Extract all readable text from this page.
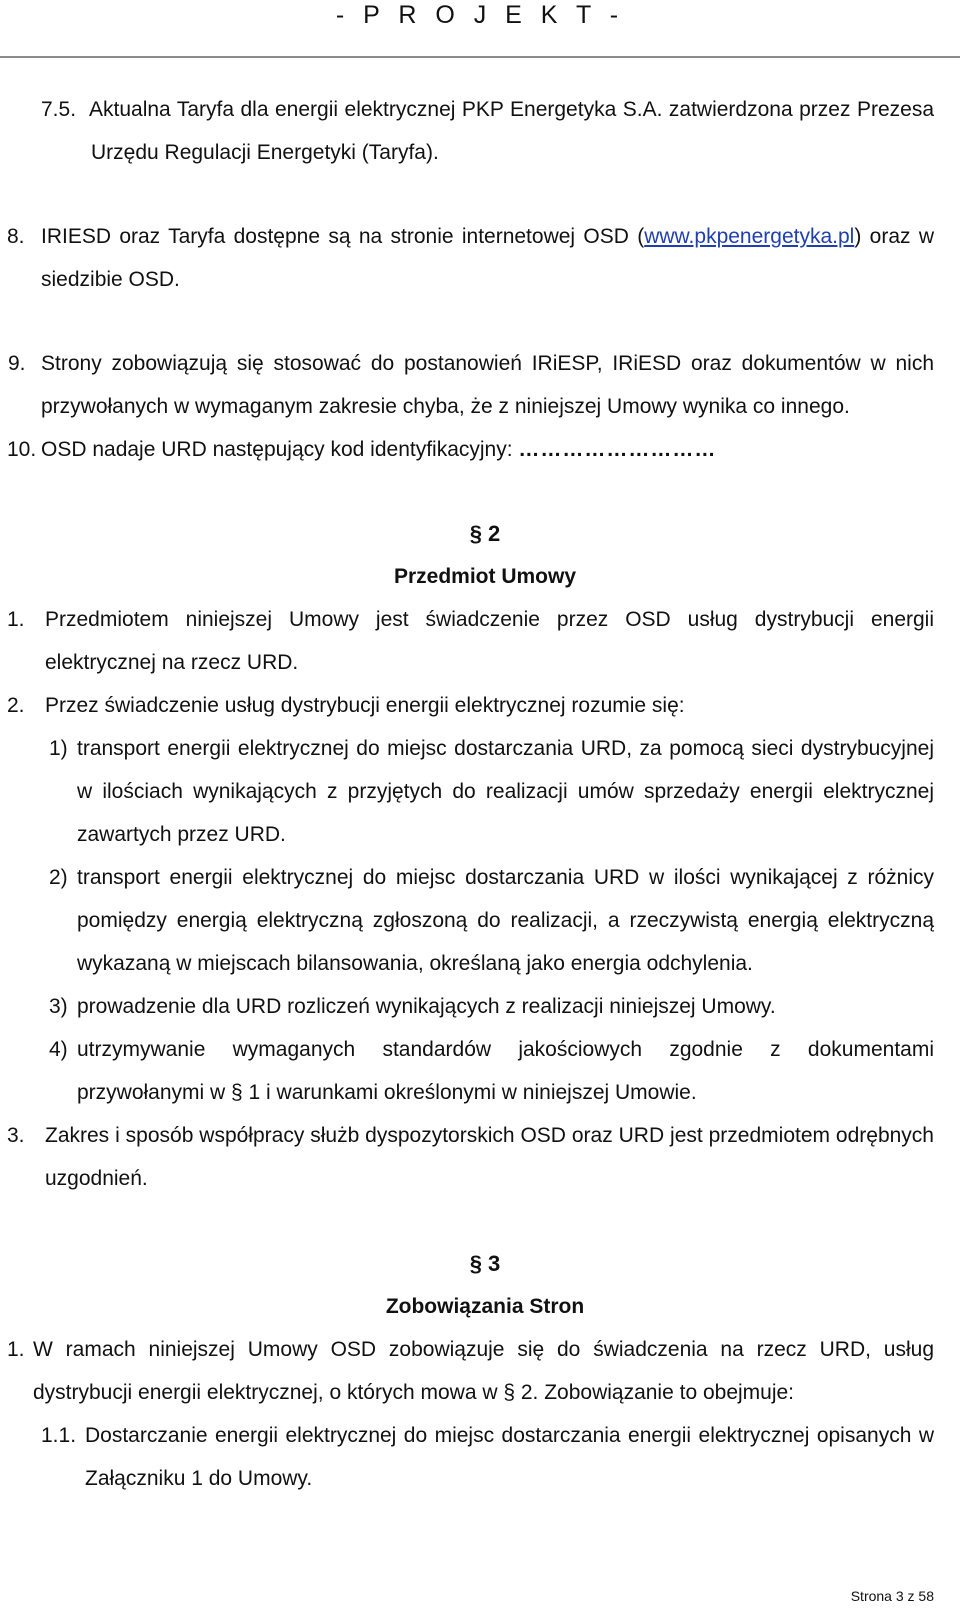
- P R O J E K T -
7.5. Aktualna Taryfa dla energii elektrycznej PKP Energetyka S.A. zatwierdzona przez Prezesa Urzędu Regulacji Energetyki (Taryfa).
8. IRIESD oraz Taryfa dostępne są na stronie internetowej OSD (www.pkpenergetyka.pl) oraz w siedzibie OSD.
9. Strony zobowiązują się stosować do postanowień IRiESP, IRiESD oraz dokumentów w nich przywołanych w wymaganym zakresie chyba, że z niniejszej Umowy wynika co innego.
10. OSD nadaje URD następujący kod identyfikacyjny: ………………………
§ 2
Przedmiot Umowy
1. Przedmiotem niniejszej Umowy jest świadczenie przez OSD usług dystrybucji energii elektrycznej na rzecz URD.
2. Przez świadczenie usług dystrybucji energii elektrycznej rozumie się:
1) transport energii elektrycznej do miejsc dostarczania URD, za pomocą sieci dystrybucyjnej w ilościach wynikających z przyjętych do realizacji umów sprzedaży energii elektrycznej zawartych przez URD.
2) transport energii elektrycznej do miejsc dostarczania URD w ilości wynikającej z różnicy pomiędzy energią elektryczną zgłoszoną do realizacji, a rzeczywistą energią elektryczną wykazaną w miejscach bilansowania, określaną jako energia odchylenia.
3) prowadzenie dla URD rozliczeń wynikających z realizacji niniejszej Umowy.
4) utrzymywanie wymaganych standardów jakościowych zgodnie z dokumentami przywołanymi w § 1 i warunkami określonymi w niniejszej Umowie.
3. Zakres i sposób współpracy służb dyspozytorskich OSD oraz URD jest przedmiotem odrębnych uzgodnień.
§ 3
Zobowiązania Stron
1. W ramach niniejszej Umowy OSD zobowiązuje się do świadczenia na rzecz URD, usług dystrybucji energii elektrycznej, o których mowa w § 2. Zobowiązanie to obejmuje:
1.1. Dostarczanie energii elektrycznej do miejsc dostarczania energii elektrycznej opisanych w Załączniku 1 do Umowy.
Strona 3 z 58
